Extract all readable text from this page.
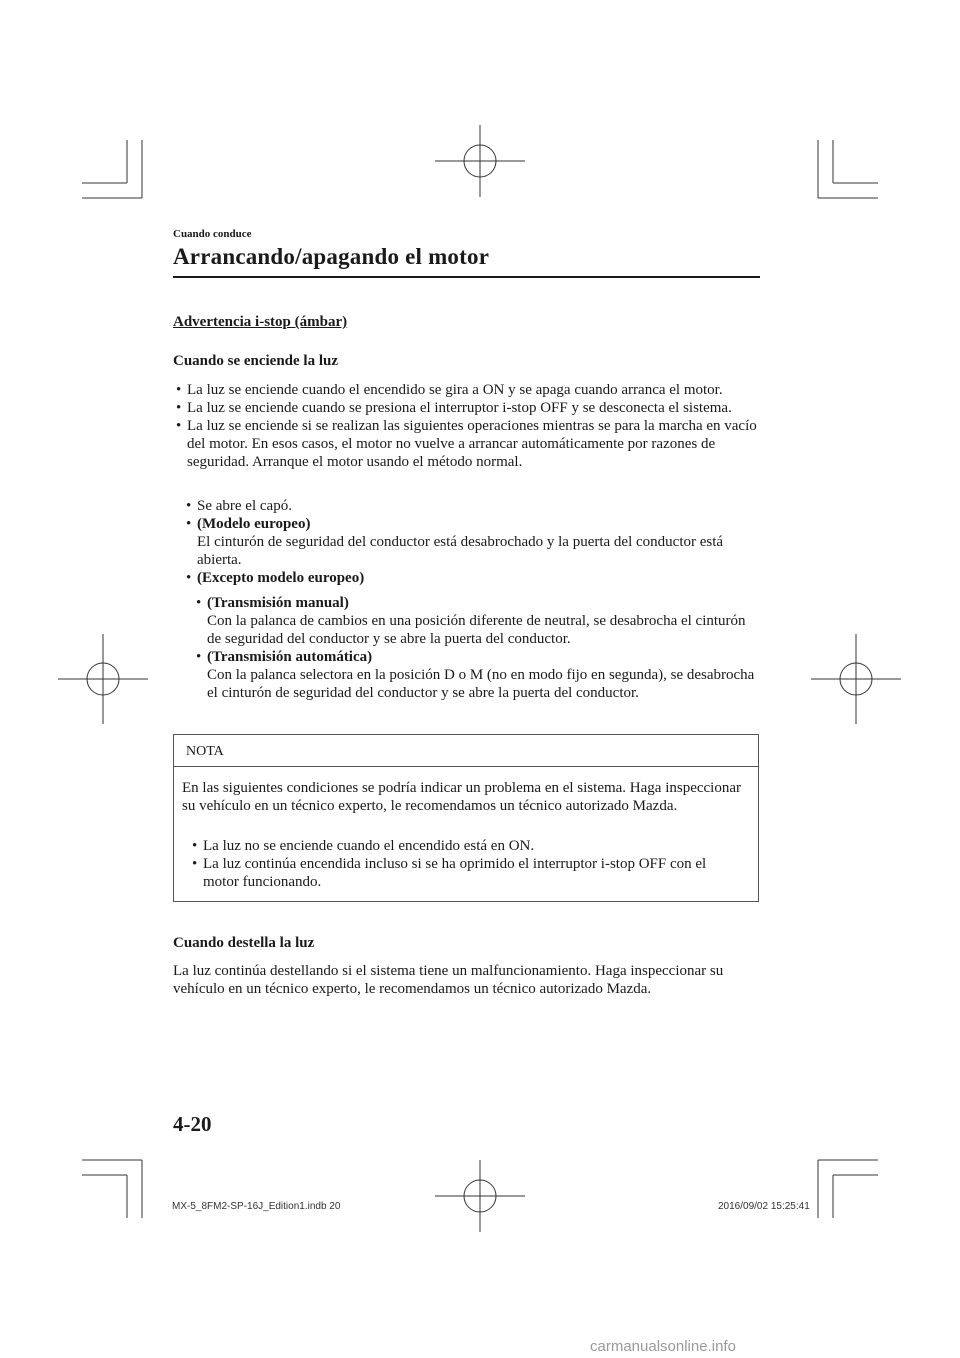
Cuando conduce
Arrancando/apagando el motor
Advertencia i-stop (ámbar)
Cuando se enciende la luz
• La luz se enciende cuando el encendido se gira a ON y se apaga cuando arranca el motor.
• La luz se enciende cuando se presiona el interruptor i-stop OFF y se desconecta el sistema.
• La luz se enciende si se realizan las siguientes operaciones mientras se para la marcha en vacío del motor. En esos casos, el motor no vuelve a arrancar automáticamente por razones de seguridad. Arranque el motor usando el método normal.
• Se abre el capó.
• (Modelo europeo)
El cinturón de seguridad del conductor está desabrochado y la puerta del conductor está abierta.
• (Excepto modelo europeo)
• (Transmisión manual)
Con la palanca de cambios en una posición diferente de neutral, se desabrocha el cinturón de seguridad del conductor y se abre la puerta del conductor.
• (Transmisión automática)
Con la palanca selectora en la posición D o M (no en modo fijo en segunda), se desabrocha el cinturón de seguridad del conductor y se abre la puerta del conductor.
NOTA
En las siguientes condiciones se podría indicar un problema en el sistema. Haga inspeccionar su vehículo en un técnico experto, le recomendamos un técnico autorizado Mazda.
• La luz no se enciende cuando el encendido está en ON.
• La luz continúa encendida incluso si se ha oprimido el interruptor i-stop OFF con el motor funcionando.
Cuando destella la luz
La luz continúa destellando si el sistema tiene un malfuncionamiento. Haga inspeccionar su vehículo en un técnico experto, le recomendamos un técnico autorizado Mazda.
4-20
MX-5_8FM2-SP-16J_Edition1.indb 20	2016/09/02 15:25:41
carmanualsonline.info
